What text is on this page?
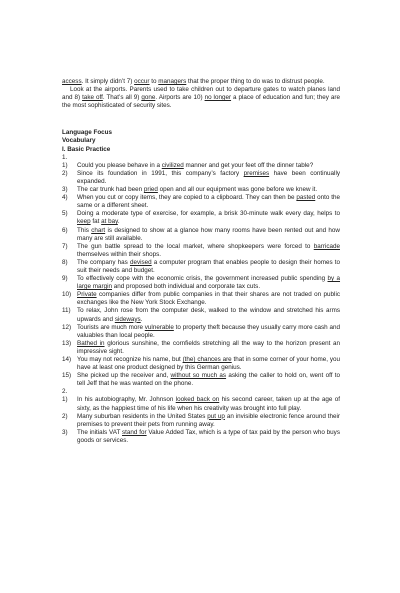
access. It simply didn’t 7) occur to managers that the proper thing to do was to distrust people.

Look at the airports. Parents used to take children out to departure gates to watch planes land and 8) take off. That’s all 9) gone. Airports are 10) no longer a place of education and fun; they are the most sophisticated of security sites.

Language Focus

Vocabulary

I. Basic Practice

1.

1)	Could you please behave in a civilized manner and get your feet off the dinner table?
2)	Since its foundation in 1991, this company’s factory premises have been continually expanded.
3)	The car trunk had been pried open and all our equipment was gone before we knew it.
4)	When you cut or copy items, they are copied to a clipboard. They can then be pasted onto the same or a different sheet.
5)	Doing a moderate type of exercise, for example, a brisk 30-minute walk every day, helps to keep fat at bay.
6)	This chart is designed to show at a glance how many rooms have been rented out and how many are still available.
7)	The gun battle spread to the local market, where shopkeepers were forced to barricade themselves within their shops.
8)	The company has devised a computer program that enables people to design their homes to suit their needs and budget.
9)	To effectively cope with the economic crisis, the government increased public spending by a large margin and proposed both individual and corporate tax cuts.
10) Private companies differ from public companies in that their shares are not traded on public exchanges like the New York Stock Exchange.
11)	To relax, John rose from the computer desk, walked to the window and stretched his arms upwards and sideways.
12) Tourists are much more vulnerable to property theft because they usually carry more cash and valuables than local people.
13) Bathed in glorious sunshine, the cornfields stretching all the way to the horizon present an impressive sight.
14) You may not recognize his name, but (the) chances are that in some corner of your home, you have at least one product designed by this German genius.
15) She picked up the receiver and, without so much as asking the caller to hold on, went off to tell Jeff that he was wanted on the phone.

2.

1)	In his autobiography, Mr. Johnson looked back on his second career, taken up at the age of sixty, as the happiest time of his life when his creativity was brought into full play.
2)	Many suburban residents in the United States put up an invisible electronic fence around their premises to prevent their pets from running away.
3)	The initials VAT stand for Value Added Tax, which is a type of tax paid by the person who buys goods or services.
